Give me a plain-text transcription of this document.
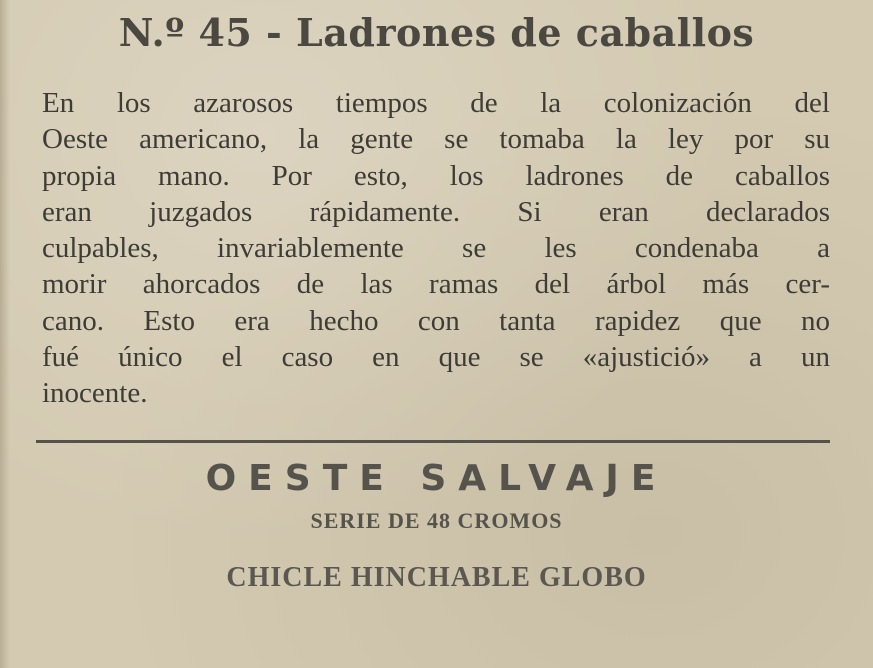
N.º 45 - Ladrones de caballos
En los azarosos tiempos de la colonización del
Oeste americano, la gente se tomaba la ley por su
propia mano. Por esto, los ladrones de caballos
eran juzgados rápidamente. Si eran declarados
culpables, invariablemente se les condenaba a
morir ahorcados de las ramas del árbol más cer-
cano. Esto era hecho con tanta rapidez que no
fué único el caso en que se «ajustició» a un
inocente.
OESTE SALVAJE
SERIE DE 48 CROMOS
CHICLE HINCHABLE GLOBO
